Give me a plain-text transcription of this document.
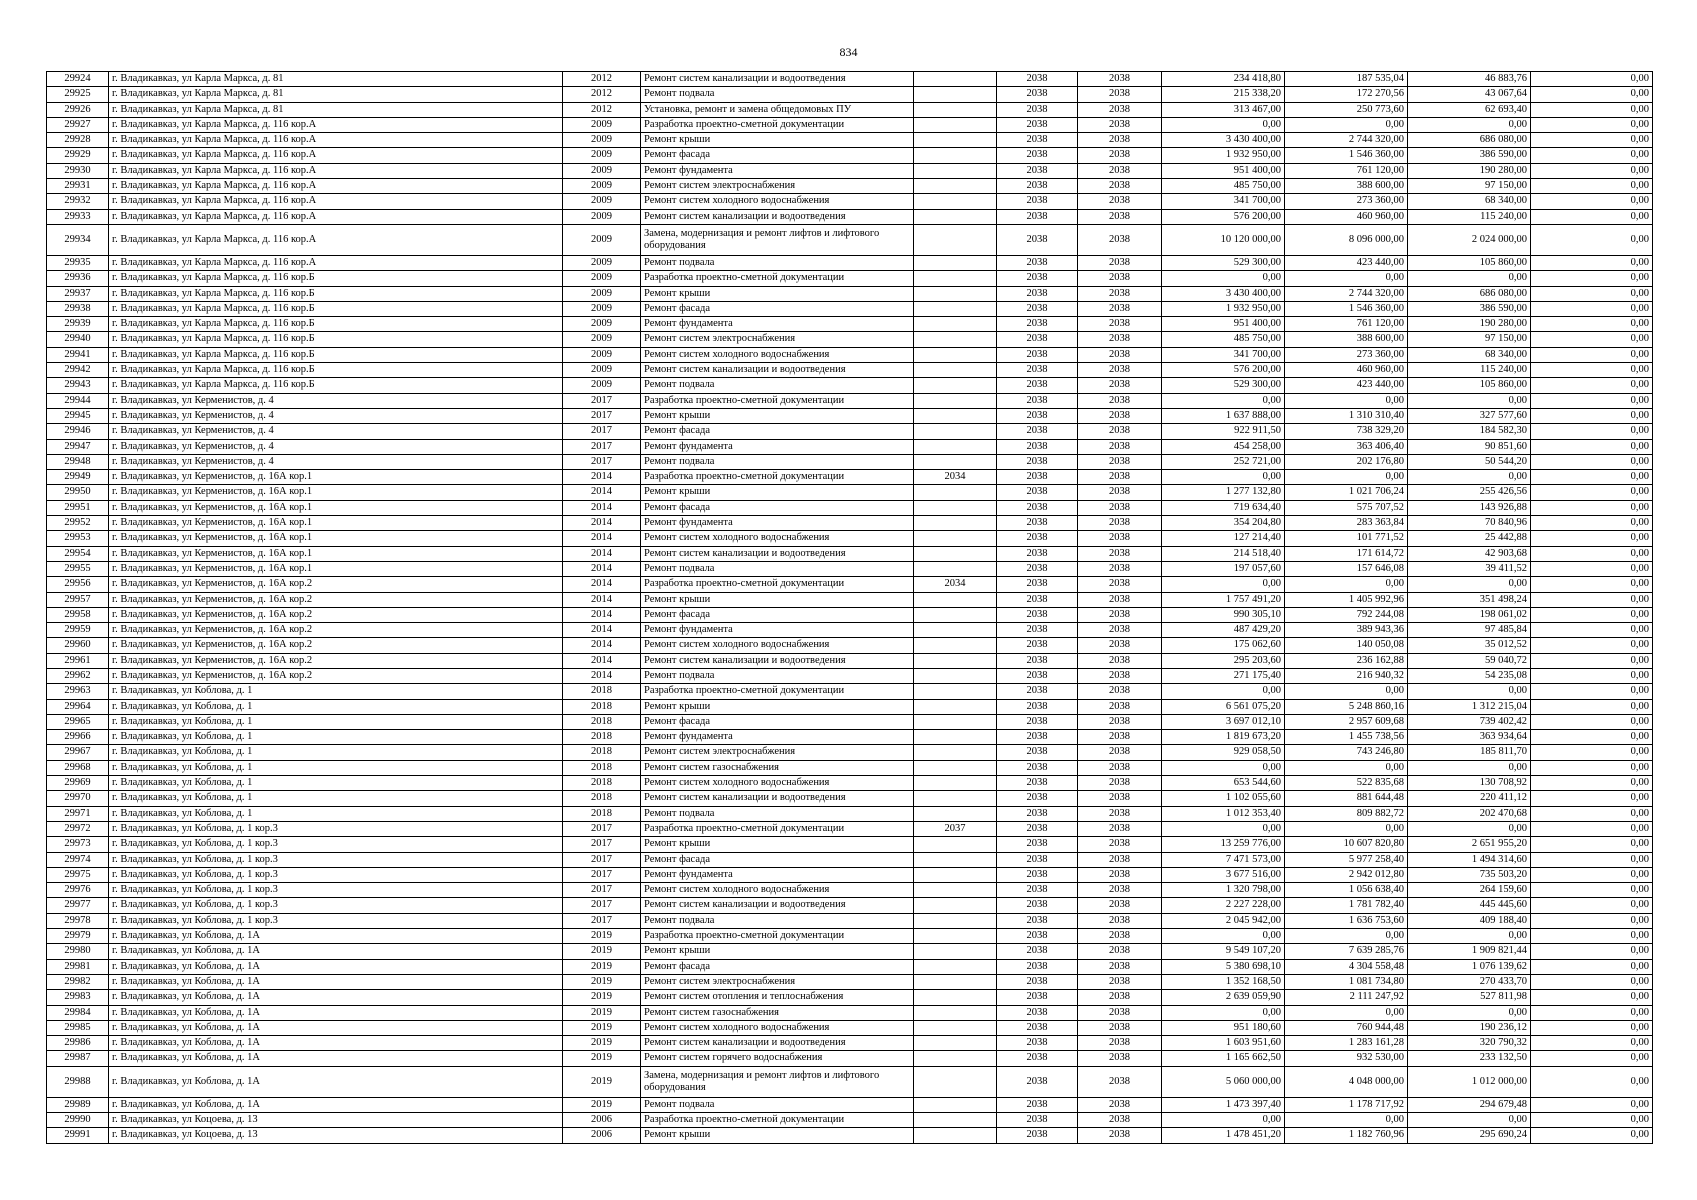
834
29924	г. Владикавказ, ул Карла Маркса, д. 81	2012	Ремонт систем канализации и водоотведения		2038	2038	234 418,80	187 535,04	46 883,76	0,00
29925	г. Владикавказ, ул Карла Маркса, д. 81	2012	Ремонт подвала		2038	2038	215 338,20	172 270,56	43 067,64	0,00
29926	г. Владикавказ, ул Карла Маркса, д. 81	2012	Установка, ремонт и замена общедомовых ПУ		2038	2038	313 467,00	250 773,60	62 693,40	0,00
29927	г. Владикавказ, ул Карла Маркса, д. 116 кор.А	2009	Разработка проектно-сметной документации		2038	2038	0,00	0,00	0,00	0,00
29928	г. Владикавказ, ул Карла Маркса, д. 116 кор.А	2009	Ремонт крыши		2038	2038	3 430 400,00	2 744 320,00	686 080,00	0,00
29929	г. Владикавказ, ул Карла Маркса, д. 116 кор.А	2009	Ремонт фасада		2038	2038	1 932 950,00	1 546 360,00	386 590,00	0,00
29930	г. Владикавказ, ул Карла Маркса, д. 116 кор.А	2009	Ремонт фундамента		2038	2038	951 400,00	761 120,00	190 280,00	0,00
29931	г. Владикавказ, ул Карла Маркса, д. 116 кор.А	2009	Ремонт систем электроснабжения		2038	2038	485 750,00	388 600,00	97 150,00	0,00
29932	г. Владикавказ, ул Карла Маркса, д. 116 кор.А	2009	Ремонт систем холодного водоснабжения		2038	2038	341 700,00	273 360,00	68 340,00	0,00
29933	г. Владикавказ, ул Карла Маркса, д. 116 кор.А	2009	Ремонт систем канализации и водоотведения		2038	2038	576 200,00	460 960,00	115 240,00	0,00
29934	г. Владикавказ, ул Карла Маркса, д. 116 кор.А	2009	Замена, модернизация и ремонт лифтов и лифтового оборудования		2038	2038	10 120 000,00	8 096 000,00	2 024 000,00	0,00
29935	г. Владикавказ, ул Карла Маркса, д. 116 кор.А	2009	Ремонт подвала		2038	2038	529 300,00	423 440,00	105 860,00	0,00
29936	г. Владикавказ, ул Карла Маркса, д. 116 кор.Б	2009	Разработка проектно-сметной документации		2038	2038	0,00	0,00	0,00	0,00
29937	г. Владикавказ, ул Карла Маркса, д. 116 кор.Б	2009	Ремонт крыши		2038	2038	3 430 400,00	2 744 320,00	686 080,00	0,00
29938	г. Владикавказ, ул Карла Маркса, д. 116 кор.Б	2009	Ремонт фасада		2038	2038	1 932 950,00	1 546 360,00	386 590,00	0,00
29939	г. Владикавказ, ул Карла Маркса, д. 116 кор.Б	2009	Ремонт фундамента		2038	2038	951 400,00	761 120,00	190 280,00	0,00
29940	г. Владикавказ, ул Карла Маркса, д. 116 кор.Б	2009	Ремонт систем электроснабжения		2038	2038	485 750,00	388 600,00	97 150,00	0,00
29941	г. Владикавказ, ул Карла Маркса, д. 116 кор.Б	2009	Ремонт систем холодного водоснабжения		2038	2038	341 700,00	273 360,00	68 340,00	0,00
29942	г. Владикавказ, ул Карла Маркса, д. 116 кор.Б	2009	Ремонт систем канализации и водоотведения		2038	2038	576 200,00	460 960,00	115 240,00	0,00
29943	г. Владикавказ, ул Карла Маркса, д. 116 кор.Б	2009	Ремонт подвала		2038	2038	529 300,00	423 440,00	105 860,00	0,00
29944	г. Владикавказ, ул Керменистов, д. 4	2017	Разработка проектно-сметной документации		2038	2038	0,00	0,00	0,00	0,00
29945	г. Владикавказ, ул Керменистов, д. 4	2017	Ремонт крыши		2038	2038	1 637 888,00	1 310 310,40	327 577,60	0,00
29946	г. Владикавказ, ул Керменистов, д. 4	2017	Ремонт фасада		2038	2038	922 911,50	738 329,20	184 582,30	0,00
29947	г. Владикавказ, ул Керменистов, д. 4	2017	Ремонт фундамента		2038	2038	454 258,00	363 406,40	90 851,60	0,00
29948	г. Владикавказ, ул Керменистов, д. 4	2017	Ремонт подвала		2038	2038	252 721,00	202 176,80	50 544,20	0,00
29949	г. Владикавказ, ул Керменистов, д. 16А кор.1	2014	Разработка проектно-сметной документации	2034	2038	2038	0,00	0,00	0,00	0,00
29950	г. Владикавказ, ул Керменистов, д. 16А кор.1	2014	Ремонт крыши		2038	2038	1 277 132,80	1 021 706,24	255 426,56	0,00
29951	г. Владикавказ, ул Керменистов, д. 16А кор.1	2014	Ремонт фасада		2038	2038	719 634,40	575 707,52	143 926,88	0,00
29952	г. Владикавказ, ул Керменистов, д. 16А кор.1	2014	Ремонт фундамента		2038	2038	354 204,80	283 363,84	70 840,96	0,00
29953	г. Владикавказ, ул Керменистов, д. 16А кор.1	2014	Ремонт систем холодного водоснабжения		2038	2038	127 214,40	101 771,52	25 442,88	0,00
29954	г. Владикавказ, ул Керменистов, д. 16А кор.1	2014	Ремонт систем канализации и водоотведения		2038	2038	214 518,40	171 614,72	42 903,68	0,00
29955	г. Владикавказ, ул Керменистов, д. 16А кор.1	2014	Ремонт подвала		2038	2038	197 057,60	157 646,08	39 411,52	0,00
29956	г. Владикавказ, ул Керменистов, д. 16А кор.2	2014	Разработка проектно-сметной документации	2034	2038	2038	0,00	0,00	0,00	0,00
29957	г. Владикавказ, ул Керменистов, д. 16А кор.2	2014	Ремонт крыши		2038	2038	1 757 491,20	1 405 992,96	351 498,24	0,00
29958	г. Владикавказ, ул Керменистов, д. 16А кор.2	2014	Ремонт фасада		2038	2038	990 305,10	792 244,08	198 061,02	0,00
29959	г. Владикавказ, ул Керменистов, д. 16А кор.2	2014	Ремонт фундамента		2038	2038	487 429,20	389 943,36	97 485,84	0,00
29960	г. Владикавказ, ул Керменистов, д. 16А кор.2	2014	Ремонт систем холодного водоснабжения		2038	2038	175 062,60	140 050,08	35 012,52	0,00
29961	г. Владикавказ, ул Керменистов, д. 16А кор.2	2014	Ремонт систем канализации и водоотведения		2038	2038	295 203,60	236 162,88	59 040,72	0,00
29962	г. Владикавказ, ул Керменистов, д. 16А кор.2	2014	Ремонт подвала		2038	2038	271 175,40	216 940,32	54 235,08	0,00
29963	г. Владикавказ, ул Коблова, д. 1	2018	Разработка проектно-сметной документации		2038	2038	0,00	0,00	0,00	0,00
29964	г. Владикавказ, ул Коблова, д. 1	2018	Ремонт крыши		2038	2038	6 561 075,20	5 248 860,16	1 312 215,04	0,00
29965	г. Владикавказ, ул Коблова, д. 1	2018	Ремонт фасада		2038	2038	3 697 012,10	2 957 609,68	739 402,42	0,00
29966	г. Владикавказ, ул Коблова, д. 1	2018	Ремонт фундамента		2038	2038	1 819 673,20	1 455 738,56	363 934,64	0,00
29967	г. Владикавказ, ул Коблова, д. 1	2018	Ремонт систем электроснабжения		2038	2038	929 058,50	743 246,80	185 811,70	0,00
29968	г. Владикавказ, ул Коблова, д. 1	2018	Ремонт систем газоснабжения		2038	2038	0,00	0,00	0,00	0,00
29969	г. Владикавказ, ул Коблова, д. 1	2018	Ремонт систем холодного водоснабжения		2038	2038	653 544,60	522 835,68	130 708,92	0,00
29970	г. Владикавказ, ул Коблова, д. 1	2018	Ремонт систем канализации и водоотведения		2038	2038	1 102 055,60	881 644,48	220 411,12	0,00
29971	г. Владикавказ, ул Коблова, д. 1	2018	Ремонт подвала		2038	2038	1 012 353,40	809 882,72	202 470,68	0,00
29972	г. Владикавказ, ул Коблова, д. 1 кор.3	2017	Разработка проектно-сметной документации	2037	2038	2038	0,00	0,00	0,00	0,00
29973	г. Владикавказ, ул Коблова, д. 1 кор.3	2017	Ремонт крыши		2038	2038	13 259 776,00	10 607 820,80	2 651 955,20	0,00
29974	г. Владикавказ, ул Коблова, д. 1 кор.3	2017	Ремонт фасада		2038	2038	7 471 573,00	5 977 258,40	1 494 314,60	0,00
29975	г. Владикавказ, ул Коблова, д. 1 кор.3	2017	Ремонт фундамента		2038	2038	3 677 516,00	2 942 012,80	735 503,20	0,00
29976	г. Владикавказ, ул Коблова, д. 1 кор.3	2017	Ремонт систем холодного водоснабжения		2038	2038	1 320 798,00	1 056 638,40	264 159,60	0,00
29977	г. Владикавказ, ул Коблова, д. 1 кор.3	2017	Ремонт систем канализации и водоотведения		2038	2038	2 227 228,00	1 781 782,40	445 445,60	0,00
29978	г. Владикавказ, ул Коблова, д. 1 кор.3	2017	Ремонт подвала		2038	2038	2 045 942,00	1 636 753,60	409 188,40	0,00
29979	г. Владикавказ, ул Коблова, д. 1А	2019	Разработка проектно-сметной документации		2038	2038	0,00	0,00	0,00	0,00
29980	г. Владикавказ, ул Коблова, д. 1А	2019	Ремонт крыши		2038	2038	9 549 107,20	7 639 285,76	1 909 821,44	0,00
29981	г. Владикавказ, ул Коблова, д. 1А	2019	Ремонт фасада		2038	2038	5 380 698,10	4 304 558,48	1 076 139,62	0,00
29982	г. Владикавказ, ул Коблова, д. 1А	2019	Ремонт систем электроснабжения		2038	2038	1 352 168,50	1 081 734,80	270 433,70	0,00
29983	г. Владикавказ, ул Коблова, д. 1А	2019	Ремонт систем отопления и теплоснабжения		2038	2038	2 639 059,90	2 111 247,92	527 811,98	0,00
29984	г. Владикавказ, ул Коблова, д. 1А	2019	Ремонт систем газоснабжения		2038	2038	0,00	0,00	0,00	0,00
29985	г. Владикавказ, ул Коблова, д. 1А	2019	Ремонт систем холодного водоснабжения		2038	2038	951 180,60	760 944,48	190 236,12	0,00
29986	г. Владикавказ, ул Коблова, д. 1А	2019	Ремонт систем канализации и водоотведения		2038	2038	1 603 951,60	1 283 161,28	320 790,32	0,00
29987	г. Владикавказ, ул Коблова, д. 1А	2019	Ремонт систем горячего водоснабжения		2038	2038	1 165 662,50	932 530,00	233 132,50	0,00
29988	г. Владикавказ, ул Коблова, д. 1А	2019	Замена, модернизация и ремонт лифтов и лифтового оборудования		2038	2038	5 060 000,00	4 048 000,00	1 012 000,00	0,00
29989	г. Владикавказ, ул Коблова, д. 1А	2019	Ремонт подвала		2038	2038	1 473 397,40	1 178 717,92	294 679,48	0,00
29990	г. Владикавказ, ул Коцоева, д. 13	2006	Разработка проектно-сметной документации		2038	2038	0,00	0,00	0,00	0,00
29991	г. Владикавказ, ул Коцоева, д. 13	2006	Ремонт крыши		2038	2038	1 478 451,20	1 182 760,96	295 690,24	0,00
